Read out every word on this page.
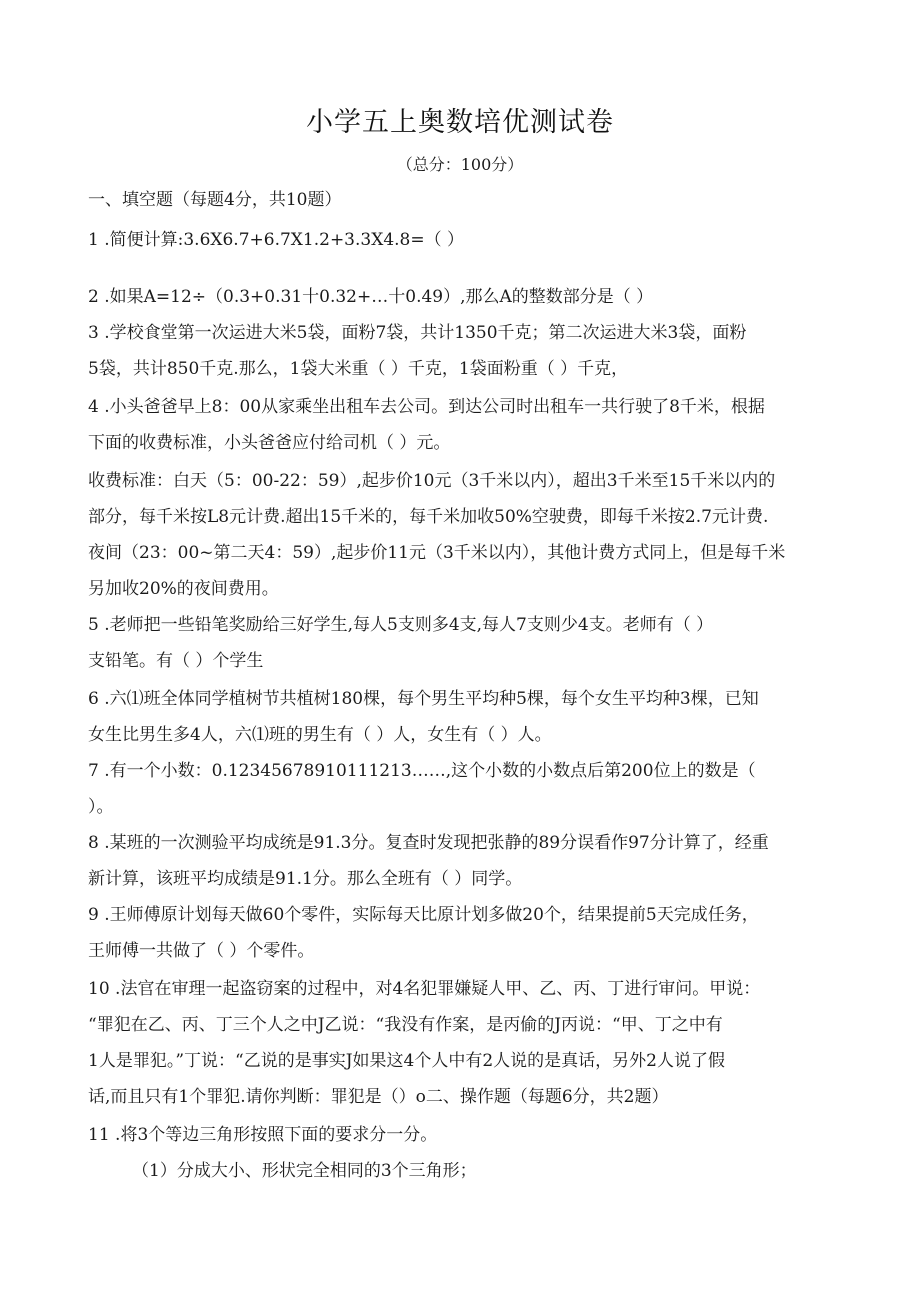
小学五上奥数培优测试卷
（总分：100分）
一、填空题（每题4分，共10题）
1 .简便计算:3.6X6.7+6.7X1.2+3.3X4.8=（ ）
2 .如果A=12÷（0.3+0.31十0.32+…十0.49）,那么A的整数部分是（ ）
3 .学校食堂第一次运进大米5袋，面粉7袋，共计1350千克；第二次运进大米3袋，面粉
5袋，共计850千克.那么，1袋大米重（ ）千克，1袋面粉重（ ）千克，
4 .小头爸爸早上8：00从家乘坐出租车去公司。到达公司时出租车一共行驶了8千米，根据
下面的收费标准，小头爸爸应付给司机（ ）元。
收费标准：白天（5：00-22：59）,起步价10元（3千米以内），超出3千米至15千米以内的
部分，每千米按L8元计费.超出15千米的，每千米加收50%空驶费，即每千米按2.7元计费.
夜间（23：00~第二天4：59）,起步价11元（3千米以内），其他计费方式同上，但是每千米
另加收20%的夜间费用。
5 .老师把一些铅笔奖励给三好学生,每人5支则多4支,每人7支则少4支。老师有（ ）
支铅笔。有（ ）个学生
6 .六⑴班全体同学植树节共植树180棵，每个男生平均种5棵，每个女生平均种3棵，已知
女生比男生多4人，六⑴班的男生有（ ）人，女生有（ ）人。
7 .有一个小数：0.12345678910111213……,这个小数的小数点后第200位上的数是（
）。
8 .某班的一次测验平均成统是91.3分。复查时发现把张静的89分误看作97分计算了，经重
新计算，该班平均成绩是91.1分。那么全班有（ ）同学。
9 .王师傅原计划每天做60个零件，实际每天比原计划多做20个，结果提前5天完成任务，
王师傅一共做了（ ）个零件。
10 .法官在审理一起盗窃案的过程中，对4名犯罪嫌疑人甲、乙、丙、丁进行审问。甲说：
“罪犯在乙、丙、丁三个人之中J乙说：“我没有作案，是丙偷的J丙说：“甲、丁之中有
1人是罪犯。”丁说：“乙说的是事实J如果这4个人中有2人说的是真话，另外2人说了假
话,而且只有1个罪犯.请你判断：罪犯是（）o二、操作题（每题6分，共2题）
11 .将3个等边三角形按照下面的要求分一分。
（1）分成大小、形状完全相同的3个三角形；
